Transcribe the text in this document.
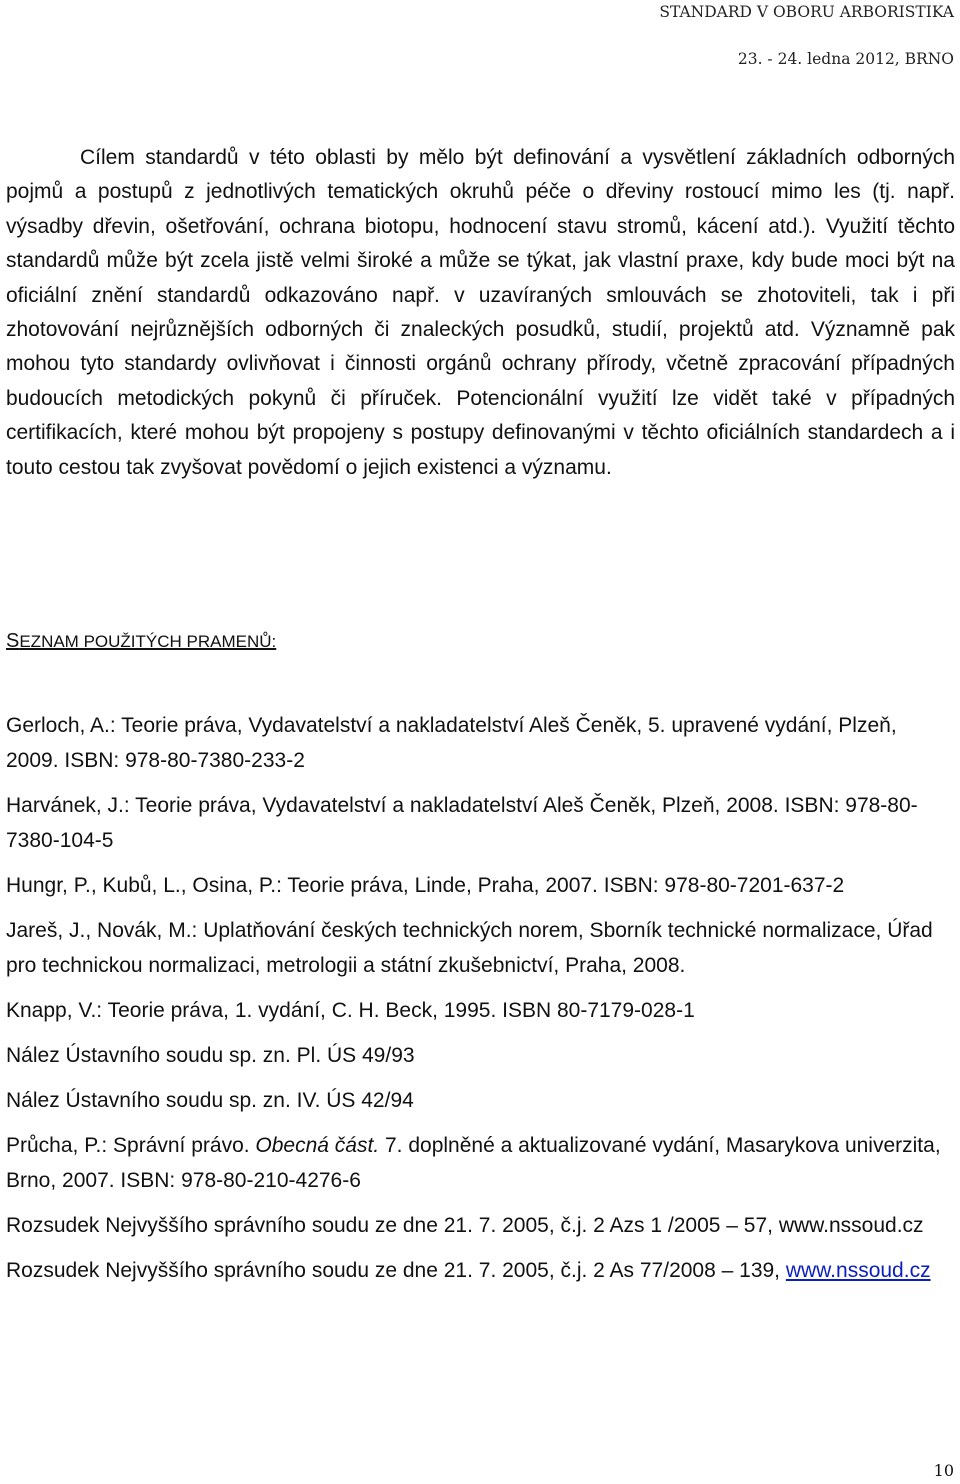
STANDARD V OBORU ARBORISTIKA
23. - 24. ledna 2012, BRNO

Cílem standardů v této oblasti by mělo být definování a vysvětlení základních odborných pojmů a postupů z jednotlivých tematických okruhů péče o dřeviny rostoucí mimo les (tj. např. výsadby dřevin, ošetřování, ochrana biotopu, hodnocení stavu stromů, kácení atd.). Využití těchto standardů může být zcela jistě velmi široké a může se týkat, jak vlastní praxe, kdy bude moci být na oficiální znění standardů odkazováno např. v uzavíraných smlouvách se zhotoviteli, tak i při zhotovování nejrůznějších odborných či znaleckých posudků, studií, projektů atd. Významně pak mohou tyto standardy ovlivňovat i činnosti orgánů ochrany přírody, včetně zpracování případných budoucích metodických pokynů či příruček. Potencionální využití lze vidět také v případných certifikacích, které mohou být propojeny s postupy definovanými v těchto oficiálních standardech a i touto cestou tak zvyšovat povědomí o jejich existenci a významu.

SEZNAM POUŽITÝCH PRAMENŮ:
Gerloch, A.: Teorie práva, Vydavatelství a nakladatelství Aleš Čeněk, 5. upravené vydání, Plzeň, 2009. ISBN: 978-80-7380-233-2
Harvánek, J.: Teorie práva, Vydavatelství a nakladatelství Aleš Čeněk, Plzeň, 2008. ISBN: 978-80-7380-104-5
Hungr, P., Kubů, L., Osina, P.: Teorie práva, Linde, Praha, 2007. ISBN: 978-80-7201-637-2
Jareš, J., Novák, M.: Uplatňování českých technických norem, Sborník technické normalizace, Úřad pro technickou normalizaci, metrologii a státní zkušebnictví, Praha, 2008.
Knapp, V.: Teorie práva, 1. vydání, C. H. Beck, 1995. ISBN 80-7179-028-1
Nález Ústavního soudu sp. zn. Pl. ÚS 49/93
Nález Ústavního soudu sp. zn. IV. ÚS 42/94
Průcha, P.: Správní právo. Obecná část. 7. doplněné a aktualizované vydání, Masarykova univerzita, Brno, 2007. ISBN: 978-80-210-4276-6
Rozsudek Nejvyššího správního soudu ze dne 21. 7. 2005, č.j. 2 Azs 1 /2005 – 57, www.nssoud.cz
Rozsudek Nejvyššího správního soudu ze dne 21. 7. 2005, č.j. 2 As 77/2008 – 139, www.nssoud.cz
10
